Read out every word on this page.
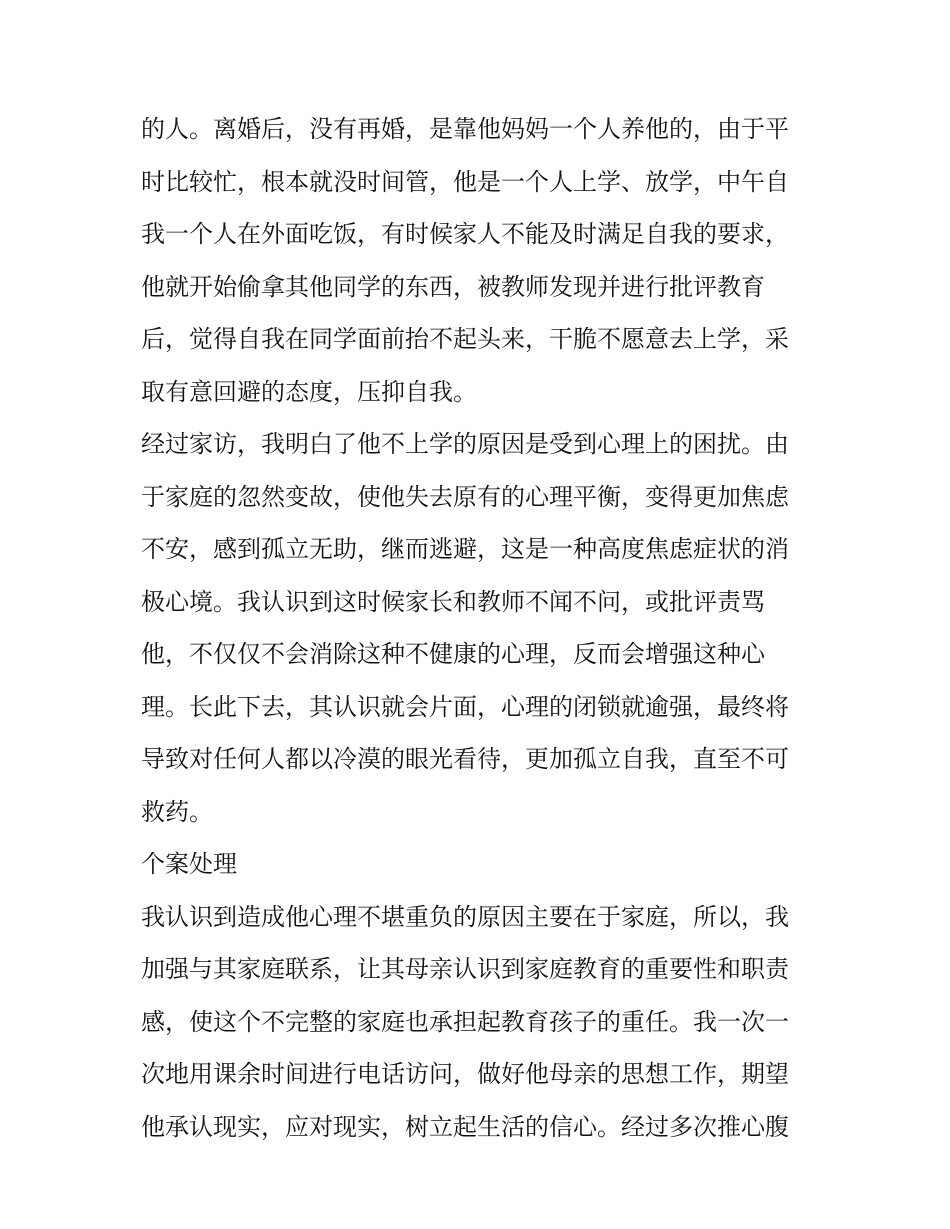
的人。离婚后，没有再婚，是靠他妈妈一个人养他的，由于平
时比较忙，根本就没时间管，他是一个人上学、放学，中午自
我一个人在外面吃饭，有时候家人不能及时满足自我的要求，
他就开始偷拿其他同学的东西，被教师发现并进行批评教育
后，觉得自我在同学面前抬不起头来，干脆不愿意去上学，采
取有意回避的态度，压抑自我。
经过家访，我明白了他不上学的原因是受到心理上的困扰。由
于家庭的忽然变故，使他失去原有的心理平衡，变得更加焦虑
不安，感到孤立无助，继而逃避，这是一种高度焦虑症状的消
极心境。我认识到这时候家长和教师不闻不问，或批评责骂
他，不仅仅不会消除这种不健康的心理，反而会增强这种心
理。长此下去，其认识就会片面，心理的闭锁就逾强，最终将
导致对任何人都以冷漠的眼光看待，更加孤立自我，直至不可
救药。
个案处理
我认识到造成他心理不堪重负的原因主要在于家庭，所以，我
加强与其家庭联系，让其母亲认识到家庭教育的重要性和职责
感，使这个不完整的家庭也承担起教育孩子的重任。我一次一
次地用课余时间进行电话访问，做好他母亲的思想工作，期望
他承认现实，应对现实，树立起生活的信心。经过多次推心腹
